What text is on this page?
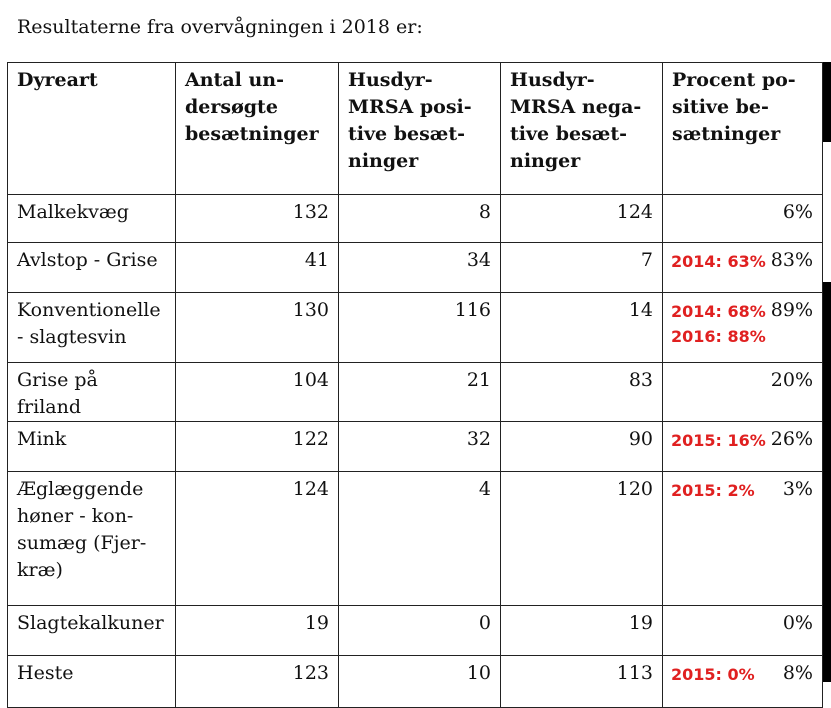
Resultaterne fra overvågningen i 2018 er:
Dyreart	Antal un-
dersøgte
besætninger	Husdyr-
MRSA posi-
tive besæt-
ninger	Husdyr-
MRSA nega-
tive besæt-
ninger	Procent po-
sitive be-
sætninger

Malkekvæg	132	8	124	6%

Avlstop - Grise	41	34	7	83%
2014: 63%

Konventionelle
- slagtesvin	130	116	14	89%
2014: 68%
2016: 88%

Grise på friland	104	21	83	20%

Mink	122	32	90	26%
2015: 16%

Æglæggende
høner - kon-
sumæg (Fjer-
kræ)	124	4	120	3%
2015: 2%

Slagtekalkuner	19	0	19	0%

Heste	123	10	113	8%
2015: 0%
